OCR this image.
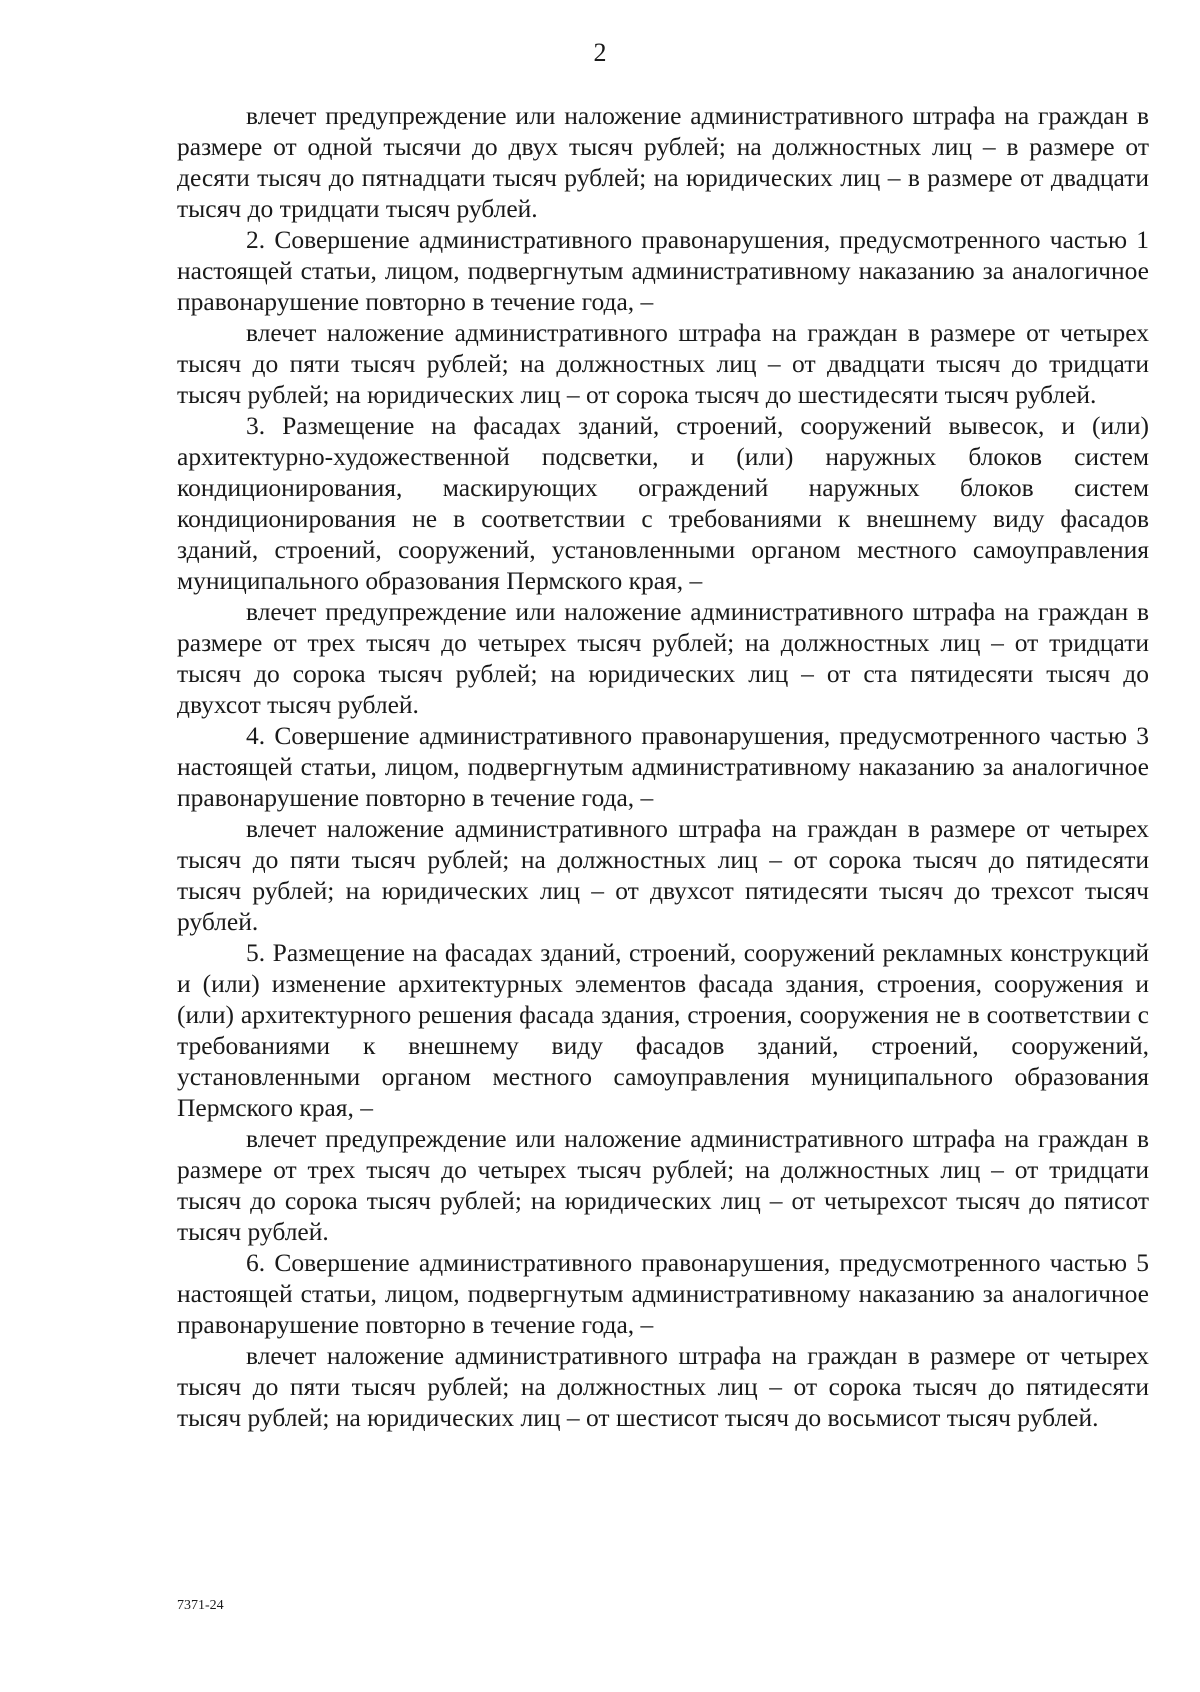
2

влечет предупреждение или наложение административного штрафа на граждан в размере от одной тысячи до двух тысяч рублей; на должностных лиц – в размере от десяти тысяч до пятнадцати тысяч рублей; на юридических лиц – в размере от двадцати тысяч до тридцати тысяч рублей.

2. Совершение административного правонарушения, предусмотренного частью 1 настоящей статьи, лицом, подвергнутым административному наказанию за аналогичное правонарушение повторно в течение года, –

влечет наложение административного штрафа на граждан в размере от четырех тысяч до пяти тысяч рублей; на должностных лиц – от двадцати тысяч до тридцати тысяч рублей; на юридических лиц – от сорока тысяч до шестидесяти тысяч рублей.

3. Размещение на фасадах зданий, строений, сооружений вывесок, и (или) архитектурно-художественной подсветки, и (или) наружных блоков систем кондиционирования, маскирующих ограждений наружных блоков систем кондиционирования не в соответствии с требованиями к внешнему виду фасадов зданий, строений, сооружений, установленными органом местного самоуправления муниципального образования Пермского края, –

влечет предупреждение или наложение административного штрафа на граждан в размере от трех тысяч до четырех тысяч рублей; на должностных лиц – от тридцати тысяч до сорока тысяч рублей; на юридических лиц – от ста пятидесяти тысяч до двухсот тысяч рублей.

4. Совершение административного правонарушения, предусмотренного частью 3 настоящей статьи, лицом, подвергнутым административному наказанию за аналогичное правонарушение повторно в течение года, –

влечет наложение административного штрафа на граждан в размере от четырех тысяч до пяти тысяч рублей; на должностных лиц – от сорока тысяч до пятидесяти тысяч рублей; на юридических лиц – от двухсот пятидесяти тысяч до трехсот тысяч рублей.

5. Размещение на фасадах зданий, строений, сооружений рекламных конструкций и (или) изменение архитектурных элементов фасада здания, строения, сооружения и (или) архитектурного решения фасада здания, строения, сооружения не в соответствии с требованиями к внешнему виду фасадов зданий, строений, сооружений, установленными органом местного самоуправления муниципального образования Пермского края, –

влечет предупреждение или наложение административного штрафа на граждан в размере от трех тысяч до четырех тысяч рублей; на должностных лиц – от тридцати тысяч до сорока тысяч рублей; на юридических лиц – от четырехсот тысяч до пятисот тысяч рублей.

6. Совершение административного правонарушения, предусмотренного частью 5 настоящей статьи, лицом, подвергнутым административному наказанию за аналогичное правонарушение повторно в течение года, –

влечет наложение административного штрафа на граждан в размере от четырех тысяч до пяти тысяч рублей; на должностных лиц – от сорока тысяч до пятидесяти тысяч рублей; на юридических лиц – от шестисот тысяч до восьмисот тысяч рублей.

7371-24
